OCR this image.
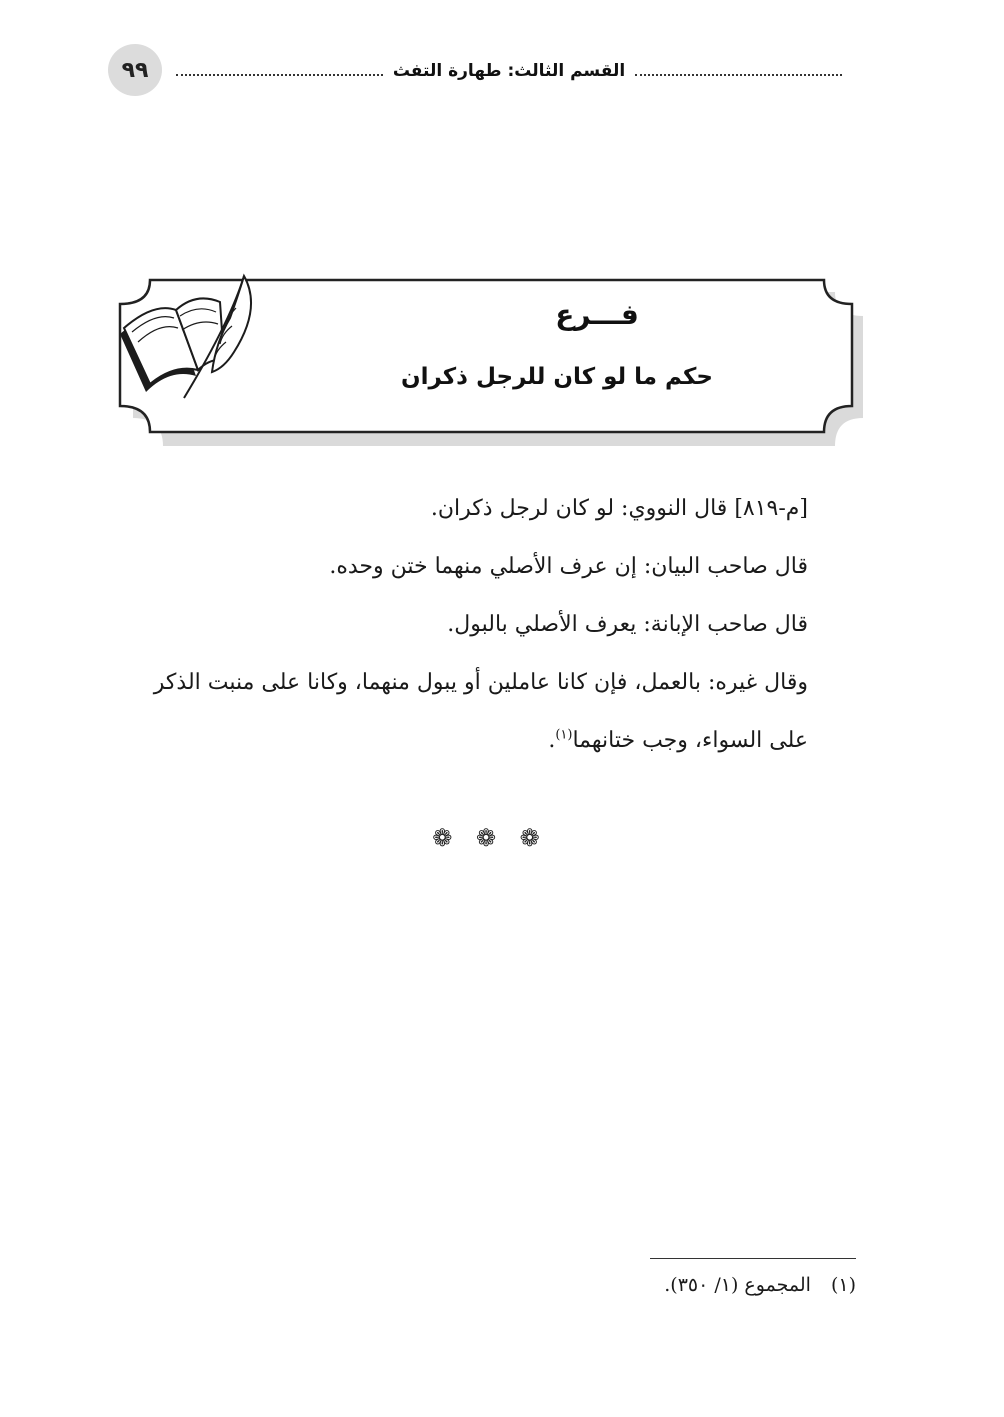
٩٩	القسم الثالث: طهارة التفث
فـــرع
حكم ما لو كان للرجل ذكران

[م-٨١٩] قال النووي: لو كان لرجل ذكران.

قال صاحب البيان: إن عرف الأصلي منهما ختن وحده.

قال صاحب الإبانة: يعرف الأصلي بالبول.

وقال غيره: بالعمل، فإن كانا عاملين أو يبول منهما، وكانا على منبت الذكر على السواء، وجب ختانهما$^{(١)}$.

❁ ❁ ❁
(١) المجموع (١/ ٣٥٠).
